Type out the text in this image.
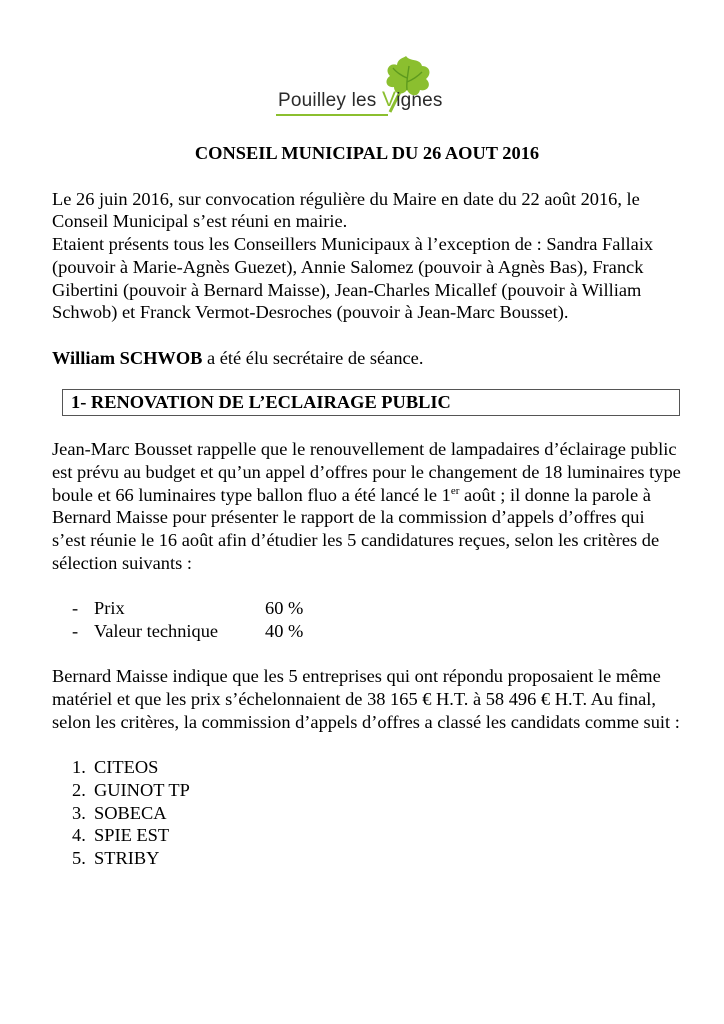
Pouilley les Vignes
CONSEIL MUNICIPAL DU 26 AOUT 2016

Le 26 juin 2016, sur convocation régulière du Maire en date du 22 août 2016, le Conseil Municipal s’est réuni en mairie.

Etaient présents tous les Conseillers Municipaux à l’exception de : Sandra Fallaix (pouvoir à Marie-Agnès Guezet), Annie Salomez (pouvoir à Agnès Bas), Franck Gibertini (pouvoir à Bernard Maisse), Jean-Charles Micallef (pouvoir à William Schwob) et Franck Vermot-Desroches (pouvoir à Jean-Marc Bousset).

William SCHWOB a été élu secrétaire de séance.

1- RENOVATION DE L’ECLAIRAGE PUBLIC

Jean-Marc Bousset rappelle que le renouvellement de lampadaires d’éclairage public est prévu au budget et qu’un appel d’offres pour le changement de 18 luminaires type boule et 66 luminaires type ballon fluo a été lancé le 1er août ; il donne la parole à Bernard Maisse pour présenter le rapport de la commission d’appels d’offres qui s’est réunie le 16 août afin d’étudier les 5 candidatures reçues, selon les critères de sélection suivants :

- Prix	60 %
- Valeur technique	40 %

Bernard Maisse indique que les 5 entreprises qui ont répondu proposaient le même matériel et que les prix s’échelonnaient de 38 165 € H.T. à 58 496 € H.T. Au final, selon les critères, la commission d’appels d’offres a classé les candidats comme suit :

1. CITEOS
2. GUINOT TP
3. SOBECA
4. SPIE EST
5. STRIBY
